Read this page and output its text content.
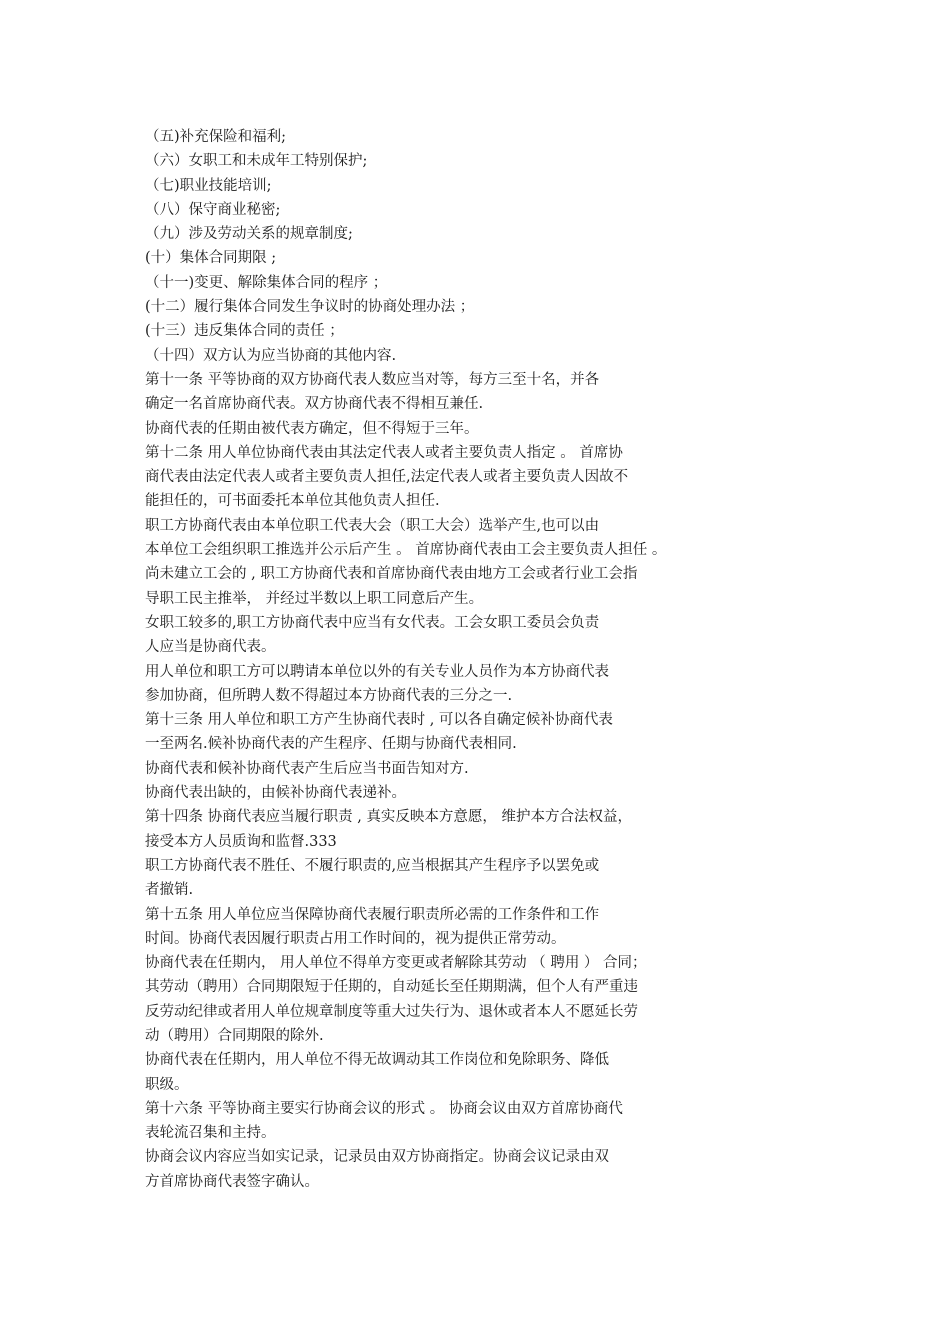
（五)补充保险和福利;
（六）女职工和未成年工特别保护;
（七)职业技能培训;
（八）保守商业秘密;
（九）涉及劳动关系的规章制度;
(十）集体合同期限 ;
（十一)变更、解除集体合同的程序 ；
(十二）履行集体合同发生争议时的协商处理办法 ；
(十三）违反集体合同的责任 ；
（十四）双方认为应当协商的其他内容.
第十一条 平等协商的双方协商代表人数应当对等，每方三至十名，并各
确定一名首席协商代表。双方协商代表不得相互兼任.
协商代表的任期由被代表方确定，但不得短于三年。
第十二条 用人单位协商代表由其法定代表人或者主要负责人指定 。 首席协
商代表由法定代表人或者主要负责人担任,法定代表人或者主要负责人因故不
能担任的，可书面委托本单位其他负责人担任.
职工方协商代表由本单位职工代表大会（职工大会）选举产生,也可以由
本单位工会组织职工推选并公示后产生 。 首席协商代表由工会主要负责人担任 。
尚未建立工会的 , 职工方协商代表和首席协商代表由地方工会或者行业工会指
导职工民主推举， 并经过半数以上职工同意后产生。
女职工较多的,职工方协商代表中应当有女代表。工会女职工委员会负责
人应当是协商代表。
用人单位和职工方可以聘请本单位以外的有关专业人员作为本方协商代表
参加协商，但所聘人数不得超过本方协商代表的三分之一.
第十三条 用人单位和职工方产生协商代表时 , 可以各自确定候补协商代表
一至两名.候补协商代表的产生程序、任期与协商代表相同.
协商代表和候补协商代表产生后应当书面告知对方.
协商代表出缺的，由候补协商代表递补。
第十四条 协商代表应当履行职责 , 真实反映本方意愿， 维护本方合法权益，
接受本方人员质询和监督.333
职工方协商代表不胜任、不履行职责的,应当根据其产生程序予以罢免或
者撤销.
第十五条 用人单位应当保障协商代表履行职责所必需的工作条件和工作
时间。协商代表因履行职责占用工作时间的，视为提供正常劳动。
协商代表在任期内， 用人单位不得单方变更或者解除其劳动 （ 聘用 ） 合同；
其劳动（聘用）合同期限短于任期的，自动延长至任期期满，但个人有严重违
反劳动纪律或者用人单位规章制度等重大过失行为、退休或者本人不愿延长劳
动（聘用）合同期限的除外.
协商代表在任期内，用人单位不得无故调动其工作岗位和免除职务、降低
职级。
第十六条 平等协商主要实行协商会议的形式 。 协商会议由双方首席协商代
表轮流召集和主持。
协商会议内容应当如实记录，记录员由双方协商指定。协商会议记录由双
方首席协商代表签字确认。
